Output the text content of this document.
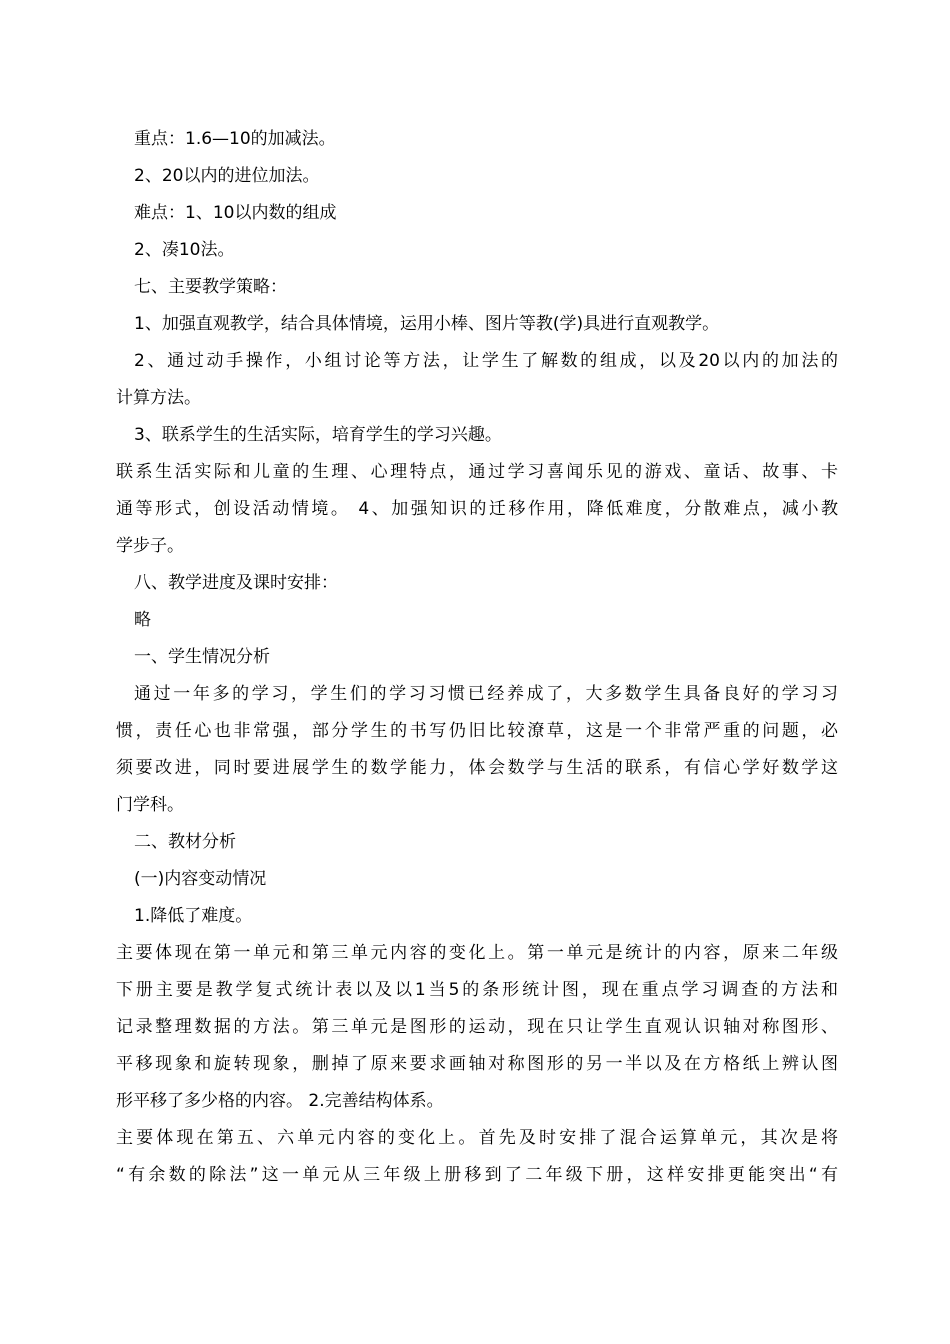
重点：1.6—10的加减法。
2、20以内的进位加法。
难点：1、10以内数的组成
2、凑10法。
七、主要教学策略：
1、加强直观教学，结合具体情境，运用小棒、图片等教(学)具进行直观教学。
2、通过动手操作，小组讨论等方法，让学生了解数的组成，以及20以内的加法的
计算方法。
3、联系学生的生活实际，培育学生的学习兴趣。
联系生活实际和儿童的生理、心理特点，通过学习喜闻乐见的游戏、童话、故事、卡
通等形式，创设活动情境。 4、加强知识的迁移作用，降低难度，分散难点，减小教
学步子。
八、教学进度及课时安排：
略
一、学生情况分析
通过一年多的学习，学生们的学习习惯已经养成了，大多数学生具备良好的学习习
惯，责任心也非常强，部分学生的书写仍旧比较潦草，这是一个非常严重的问题，必
须要改进，同时要进展学生的数学能力，体会数学与生活的联系，有信心学好数学这
门学科。
二、教材分析
(一)内容变动情况
1.降低了难度。
主要体现在第一单元和第三单元内容的变化上。第一单元是统计的内容，原来二年级
下册主要是教学复式统计表以及以1当5的条形统计图，现在重点学习调查的方法和
记录整理数据的方法。第三单元是图形的运动，现在只让学生直观认识轴对称图形、
平移现象和旋转现象，删掉了原来要求画轴对称图形的另一半以及在方格纸上辨认图
形平移了多少格的内容。 2.完善结构体系。
主要体现在第五、六单元内容的变化上。首先及时安排了混合运算单元，其次是将
“有余数的除法”这一单元从三年级上册移到了二年级下册，这样安排更能突出“有
